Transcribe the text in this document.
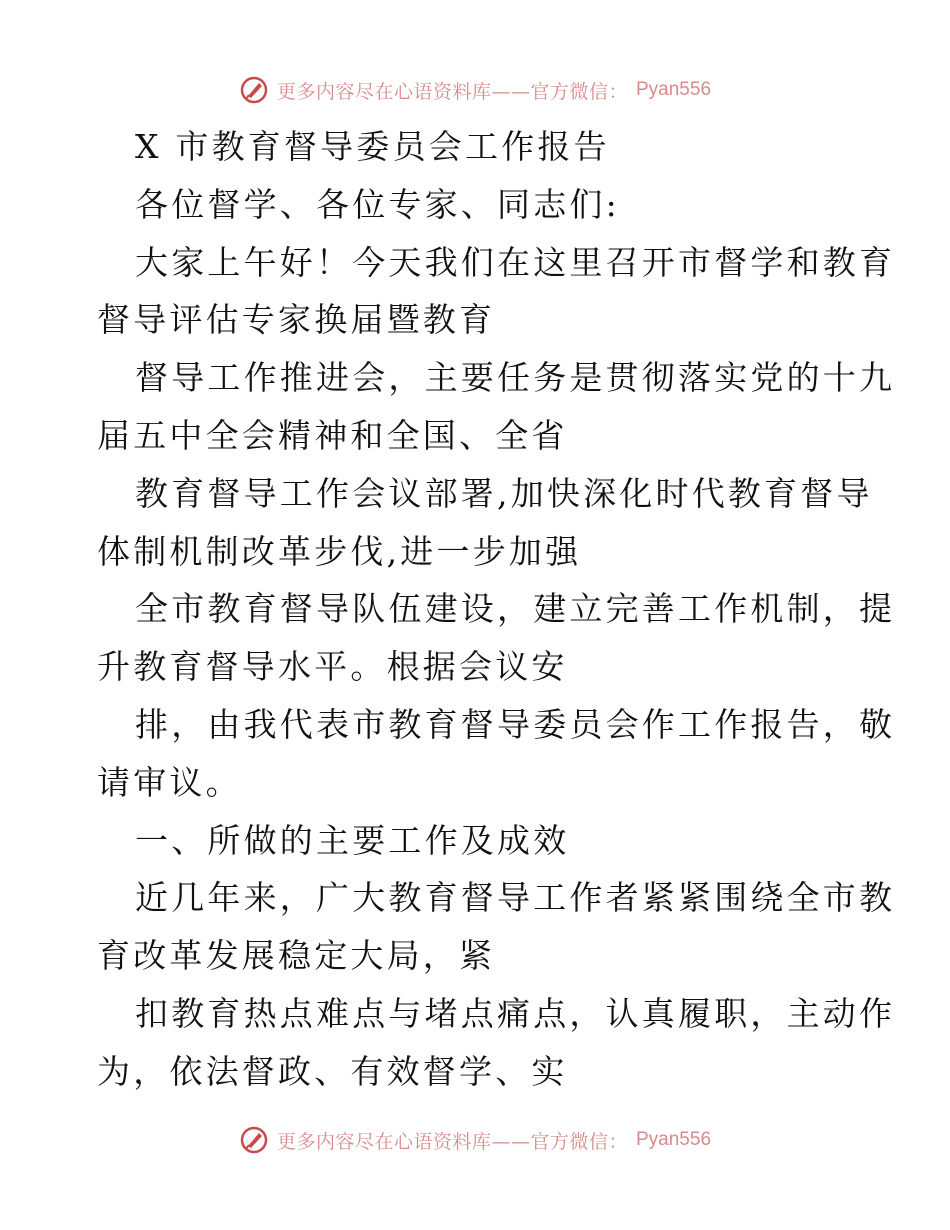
更多内容尽在心语资料库——官方微信： Pyan556
X 市教育督导委员会工作报告
各位督学、各位专家、同志们:
大家上午好！今天我们在这里召开市督学和教育
督导评估专家换届暨教育
督导工作推进会，主要任务是贯彻落实党的十九
届五中全会精神和全国、全省
教育督导工作会议部署,加快深化时代教育督导
体制机制改革步伐,进一步加强
全市教育督导队伍建设，建立完善工作机制，提
升教育督导水平。根据会议安
排，由我代表市教育督导委员会作工作报告，敬
请审议。
一、所做的主要工作及成效
近几年来，广大教育督导工作者紧紧围绕全市教
育改革发展稳定大局，紧
扣教育热点难点与堵点痛点，认真履职，主动作
为，依法督政、有效督学、实
更多内容尽在心语资料库——官方微信： Pyan556
